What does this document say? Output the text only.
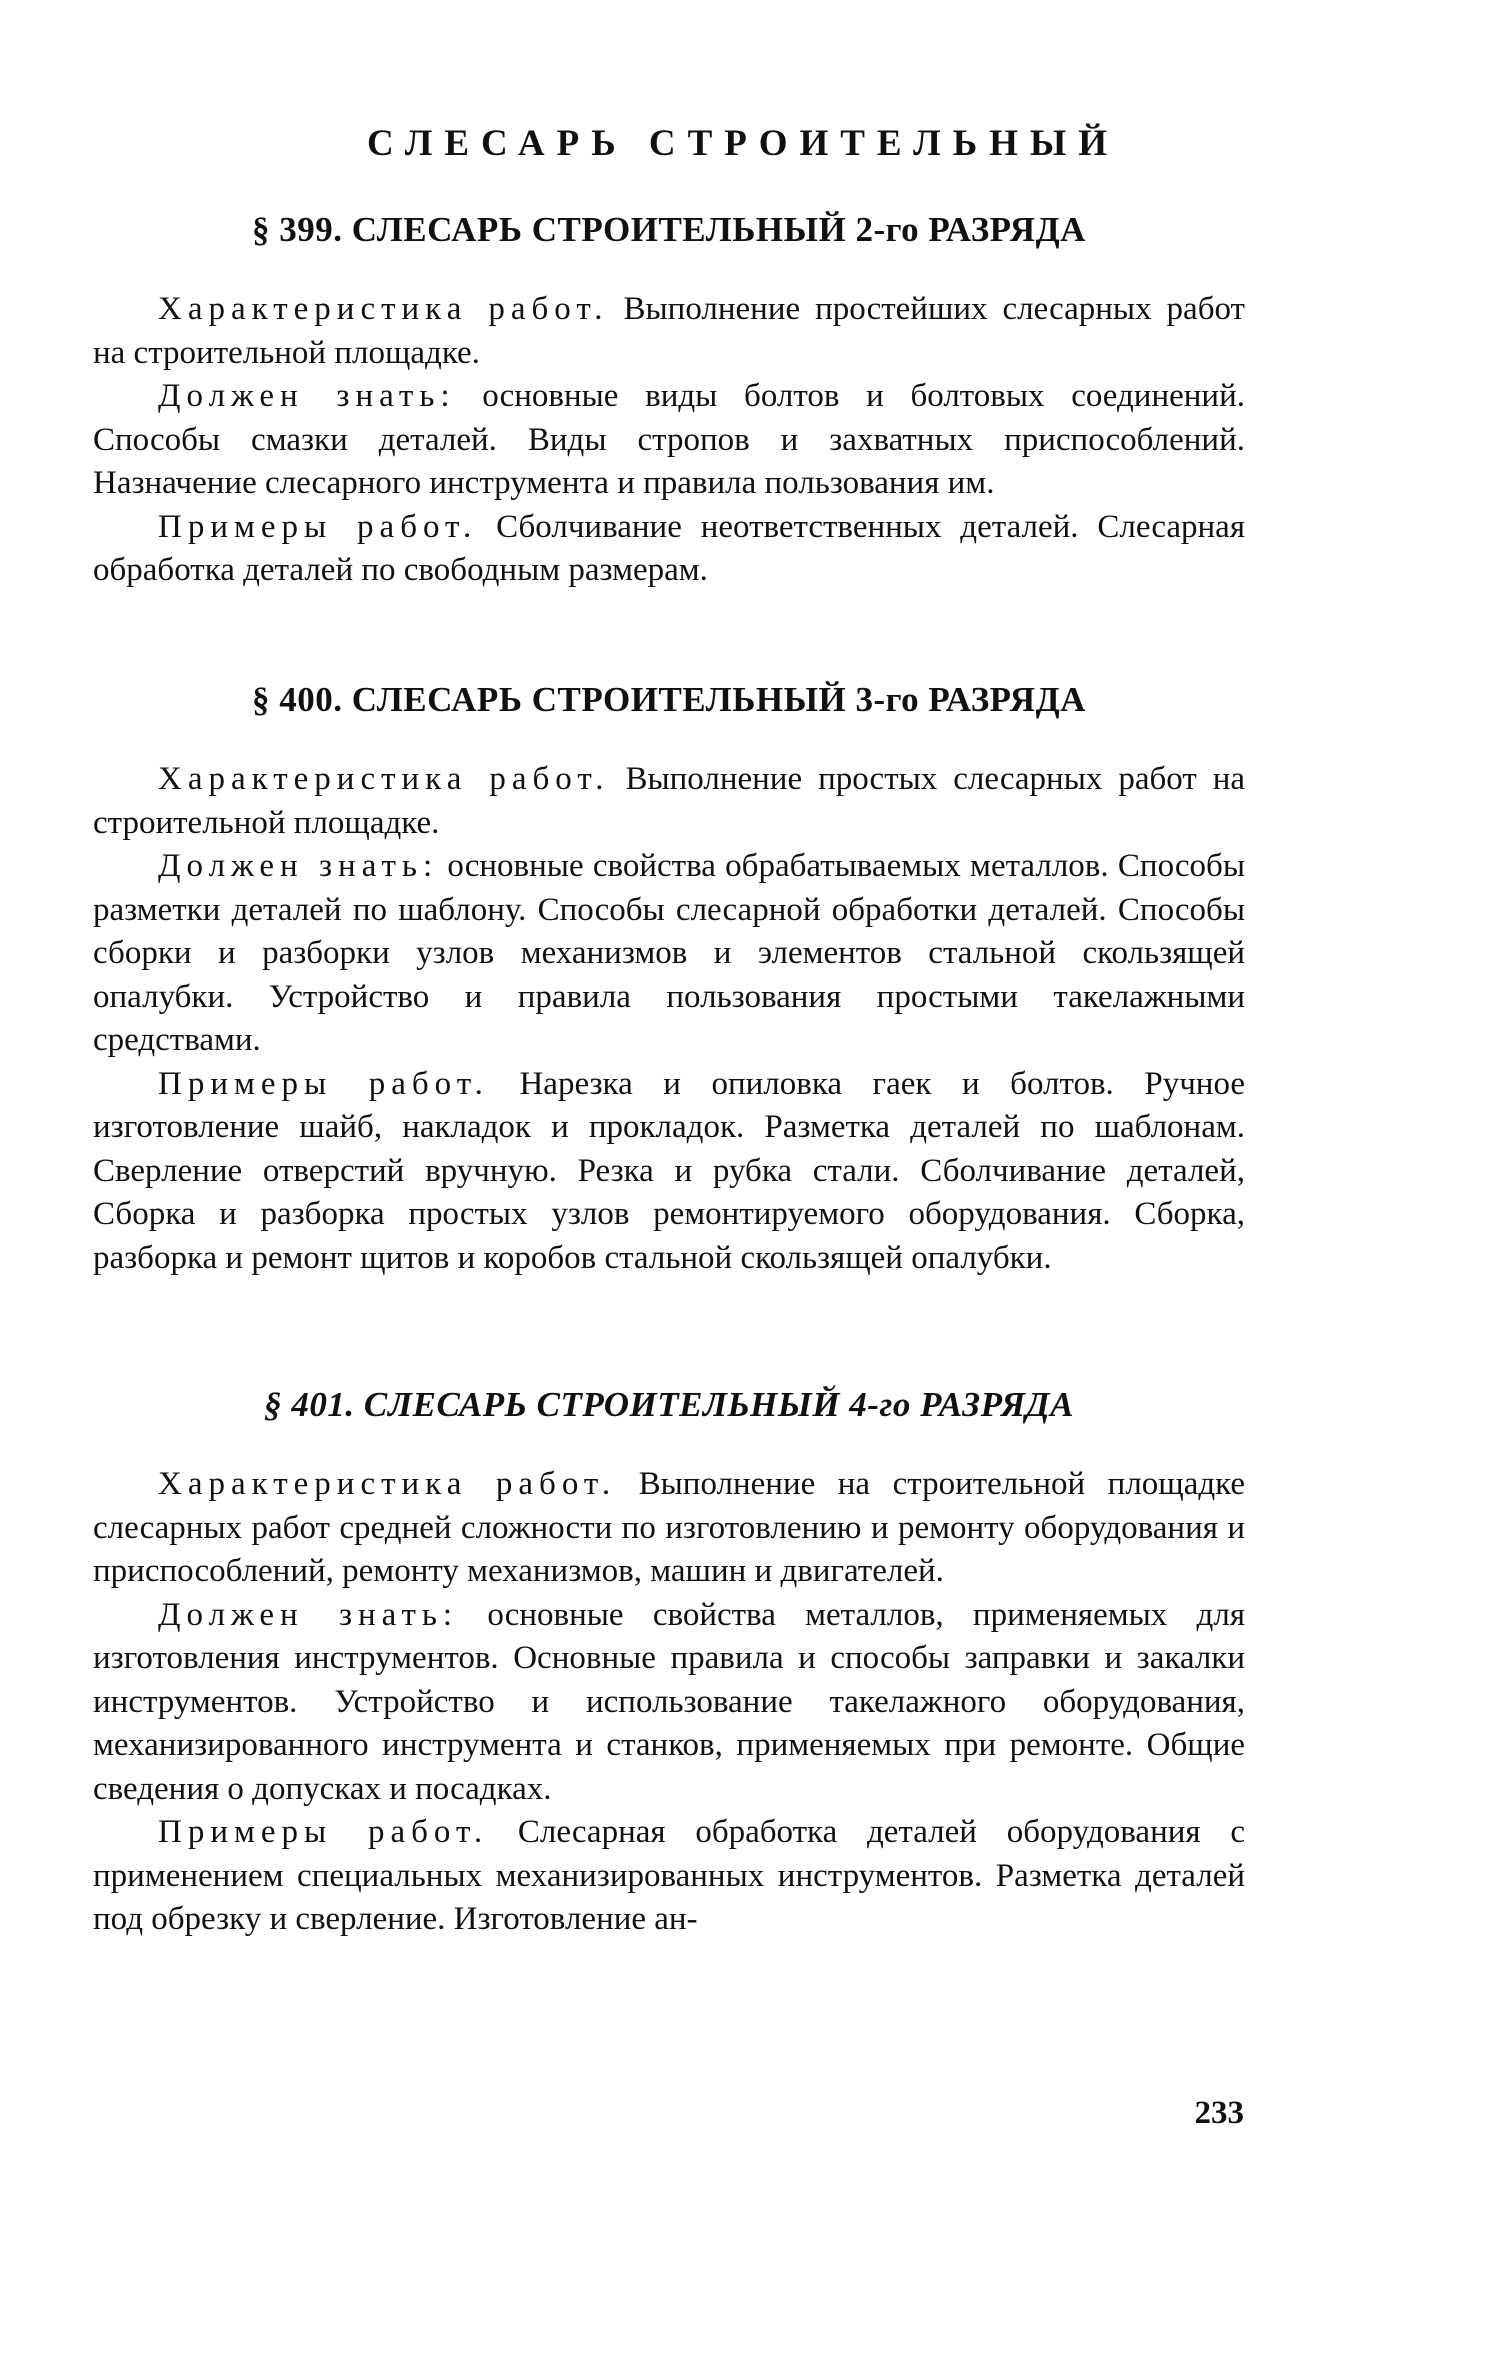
СЛЕСАРЬ СТРОИТЕЛЬНЫЙ
§ 399. СЛЕСАРЬ СТРОИТЕЛЬНЫЙ 2-го РАЗРЯДА

Характеристика работ. Выполнение простейших слесарных работ на строительной площадке.

Должен знать: основные виды болтов и болтовых соединений. Способы смазки деталей. Виды стропов и захватных приспособлений. Назначение слесарного инструмента и правила пользования им.

Примеры работ. Сболчивание неответственных деталей. Слесарная обработка деталей по свободным размерам.

§ 400. СЛЕСАРЬ СТРОИТЕЛЬНЫЙ 3-го РАЗРЯДА

Характеристика работ. Выполнение простых слесарных работ на строительной площадке.

Должен знать: основные свойства обрабатываемых металлов. Способы разметки деталей по шаблону. Способы слесарной обработки деталей. Способы сборки и разборки узлов механизмов и элементов стальной скользящей опалубки. Устройство и правила пользования простыми такелажными средствами.

Примеры работ. Нарезка и опиловка гаек и болтов. Ручное изготовление шайб, накладок и прокладок. Разметка деталей по шаблонам. Сверление отверстий вручную. Резка и рубка стали. Сболчивание деталей, Сборка и разборка простых узлов ремонтируемого оборудования. Сборка, разборка и ремонт щитов и коробов стальной скользящей опалубки.

§ 401. СЛЕСАРЬ СТРОИТЕЛЬНЫЙ 4-го РАЗРЯДА

Характеристика работ. Выполнение на строительной площадке слесарных работ средней сложности по изготовлению и ремонту оборудования и приспособлений, ремонту механизмов, машин и двигателей.

Должен знать: основные свойства металлов, применяемых для изготовления инструментов. Основные правила и способы заправки и закалки инструментов. Устройство и использование такелажного оборудования, механизированного инструмента и станков, применяемых при ремонте. Общие сведения о допусках и посадках.

Примеры работ. Слесарная обработка деталей оборудования с применением специальных механизированных инструментов. Разметка деталей под обрезку и сверление. Изготовление ан-

233
